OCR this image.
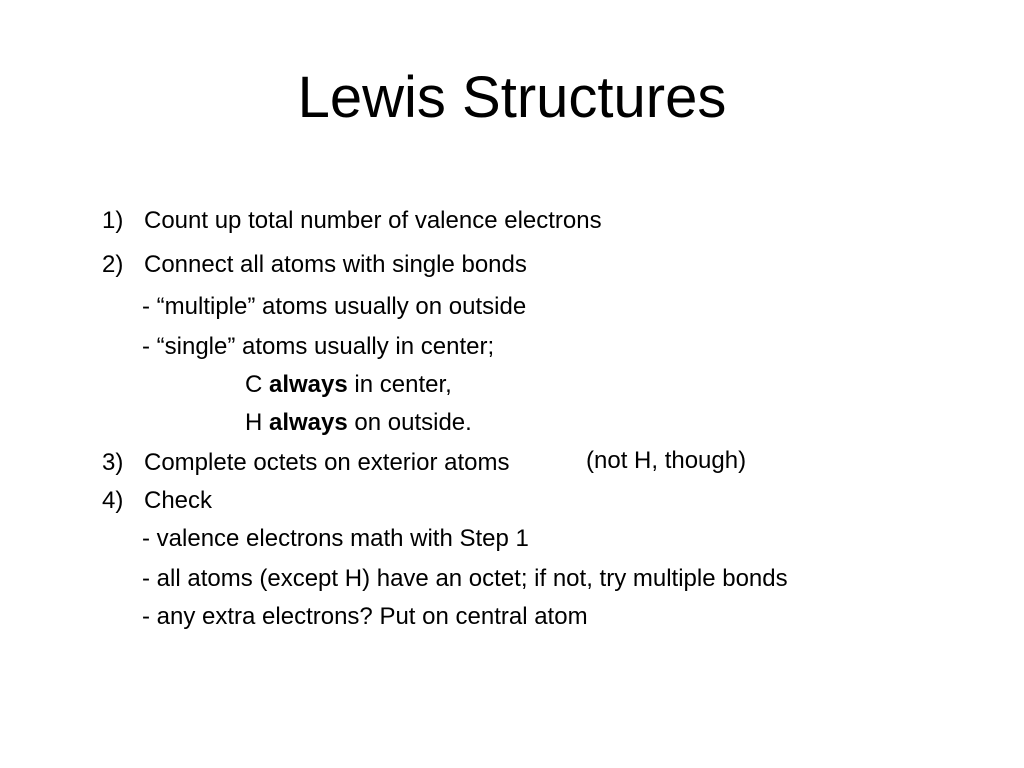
Lewis Structures
1) Count up total number of valence electrons
2) Connect all atoms with single bonds
- “multiple” atoms usually on outside
- “single” atoms usually in center;
C always in center,
H always on outside.
3) Complete octets on exterior atoms	(not H, though)
4) Check
- valence electrons math with Step 1
- all atoms (except H) have an octet; if not, try multiple bonds
- any extra electrons? Put on central atom
